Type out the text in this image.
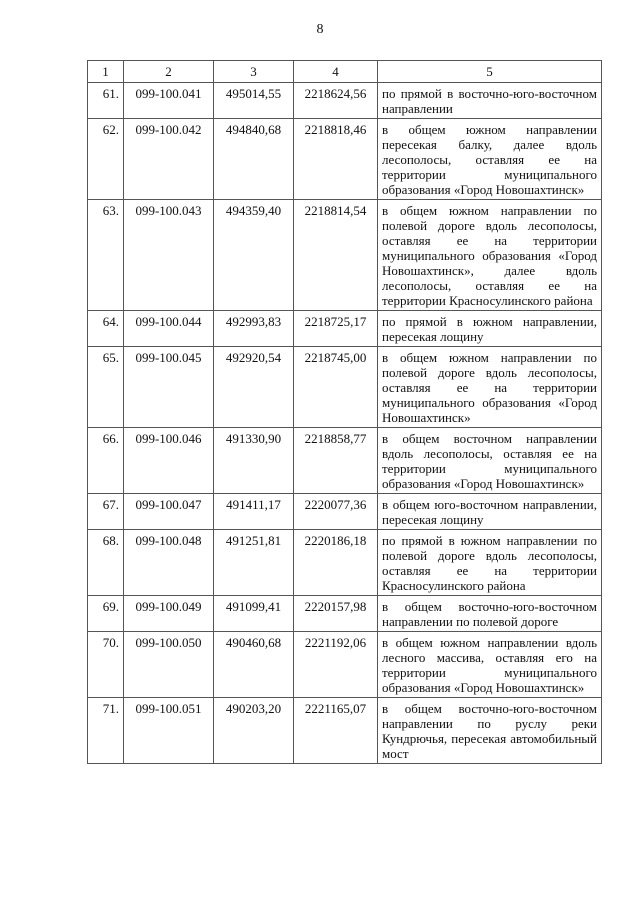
8
1	2	3	4	5
61.	099-100.041	495014,55	2218624,56	по прямой в восточно-юго-восточном направлении
62.	099-100.042	494840,68	2218818,46	в общем южном направлении пересекая балку, далее вдоль лесополосы, оставляя ее на территории муниципального образования «Город Новошахтинск»
63.	099-100.043	494359,40	2218814,54	в общем южном направлении по полевой дороге вдоль лесополосы, оставляя ее на территории муниципального образования «Город Новошахтинск», далее вдоль лесополосы, оставляя ее на территории Красносулинского района
64.	099-100.044	492993,83	2218725,17	по прямой в южном направлении, пересекая лощину
65.	099-100.045	492920,54	2218745,00	в общем южном направлении по полевой дороге вдоль лесополосы, оставляя ее на территории муниципального образования «Город Новошахтинск»
66.	099-100.046	491330,90	2218858,77	в общем восточном направлении вдоль лесополосы, оставляя ее на территории муниципального образования «Город Новошахтинск»
67.	099-100.047	491411,17	2220077,36	в общем юго-восточном направлении, пересекая лощину
68.	099-100.048	491251,81	2220186,18	по прямой в южном направлении по полевой дороге вдоль лесополосы, оставляя ее на территории Красносулинского района
69.	099-100.049	491099,41	2220157,98	в общем восточно-юго-восточном направлении по полевой дороге
70.	099-100.050	490460,68	2221192,06	в общем южном направлении вдоль лесного массива, оставляя его на территории муниципального образования «Город Новошахтинск»
71.	099-100.051	490203,20	2221165,07	в общем восточно-юго-восточном направлении по руслу реки Кундрючья, пересекая автомобильный мост
